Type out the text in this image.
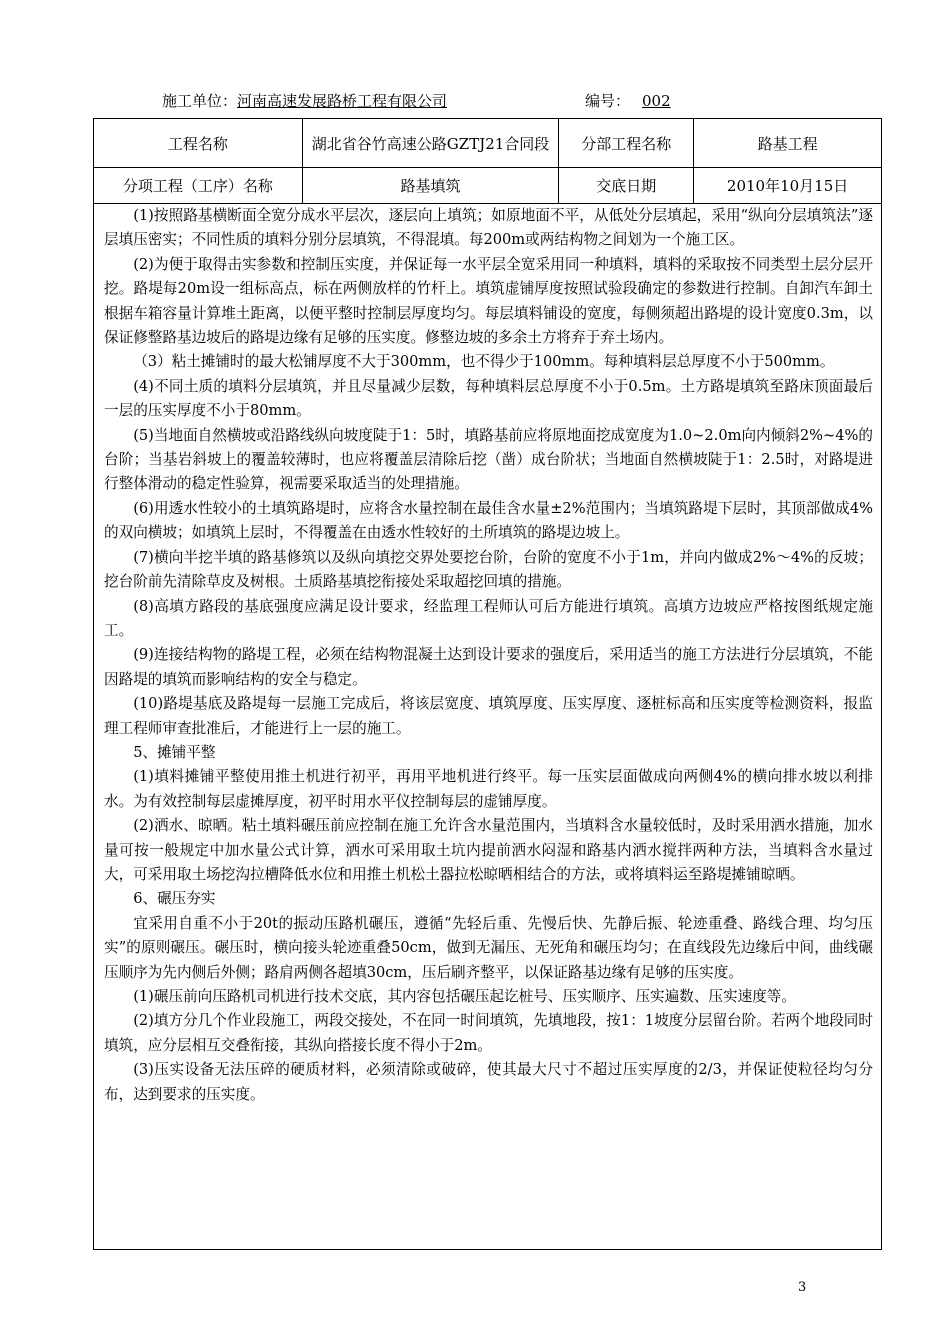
施工单位：河南高速发展路桥工程有限公司	编号： 002
工程名称	湖北省谷竹高速公路GZTJ21合同段	分部工程名称	路基工程
分项工程（工序）名称	路基填筑	交底日期	2010年10月15日

(1)按照路基横断面全宽分成水平层次，逐层向上填筑；如原地面不平，从低处分层填起，采用“纵向分层填筑法”逐层填压密实；不同性质的填料分别分层填筑，不得混填。每200m或两结构物之间划为一个施工区。

(2)为便于取得击实参数和控制压实度，并保证每一水平层全宽采用同一种填料，填料的采取按不同类型土层分层开挖。路堤每20m设一组标高点，标在两侧放样的竹杆上。填筑虚铺厚度按照试验段确定的参数进行控制。自卸汽车卸土根据车箱容量计算堆土距离，以便平整时控制层厚度均匀。每层填料铺设的宽度，每侧须超出路堤的设计宽度0.3m，以保证修整路基边坡后的路堤边缘有足够的压实度。修整边坡的多余土方将弃于弃土场内。

（3）粘土摊铺时的最大松铺厚度不大于300mm，也不得少于100mm。每种填料层总厚度不小于500mm。

(4)不同土质的填料分层填筑，并且尽量减少层数，每种填料层总厚度不小于0.5m。土方路堤填筑至路床顶面最后一层的压实厚度不小于80mm。

(5)当地面自然横坡或沿路线纵向坡度陡于1：5时，填路基前应将原地面挖成宽度为1.0~2.0m向内倾斜2%~4%的台阶；当基岩斜坡上的覆盖较薄时，也应将覆盖层清除后挖（凿）成台阶状；当地面自然横坡陡于1：2.5时，对路堤进行整体滑动的稳定性验算，视需要采取适当的处理措施。

(6)用透水性较小的土填筑路堤时，应将含水量控制在最佳含水量±2%范围内；当填筑路堤下层时，其顶部做成4%的双向横坡；如填筑上层时，不得覆盖在由透水性较好的土所填筑的路堤边坡上。

(7)横向半挖半填的路基修筑以及纵向填挖交界处要挖台阶，台阶的宽度不小于1m，并向内做成2%～4%的反坡；挖台阶前先清除草皮及树根。土质路基填挖衔接处采取超挖回填的措施。

(8)高填方路段的基底强度应满足设计要求，经监理工程师认可后方能进行填筑。高填方边坡应严格按图纸规定施工。

(9)连接结构物的路堤工程，必须在结构物混凝土达到设计要求的强度后，采用适当的施工方法进行分层填筑，不能因路堤的填筑而影响结构的安全与稳定。

(10)路堤基底及路堤每一层施工完成后，将该层宽度、填筑厚度、压实厚度、逐桩标高和压实度等检测资料，报监理工程师审查批准后，才能进行上一层的施工。

5、摊铺平整

(1)填料摊铺平整使用推土机进行初平，再用平地机进行终平。每一压实层面做成向两侧4%的横向排水坡以利排水。为有效控制每层虚摊厚度，初平时用水平仪控制每层的虚铺厚度。

(2)洒水、晾晒。粘土填料碾压前应控制在施工允许含水量范围内，当填料含水量较低时，及时采用洒水措施，加水量可按一般规定中加水量公式计算，洒水可采用取土坑内提前洒水闷湿和路基内洒水搅拌两种方法，当填料含水量过大，可采用取土场挖沟拉槽降低水位和用推土机松土器拉松晾晒相结合的方法，或将填料运至路堤摊铺晾晒。

6、碾压夯实

宜采用自重不小于20t的振动压路机碾压，遵循“先轻后重、先慢后快、先静后振、轮迹重叠、路线合理、均匀压实”的原则碾压。碾压时，横向接头轮迹重叠50cm，做到无漏压、无死角和碾压均匀；在直线段先边缘后中间，曲线碾压顺序为先内侧后外侧；路肩两侧各超填30cm，压后刷齐整平，以保证路基边缘有足够的压实度。

(1)碾压前向压路机司机进行技术交底，其内容包括碾压起讫桩号、压实顺序、压实遍数、压实速度等。

(2)填方分几个作业段施工，两段交接处，不在同一时间填筑，先填地段，按1：1坡度分层留台阶。若两个地段同时填筑，应分层相互交叠衔接，其纵向搭接长度不得小于2m。

(3)压实设备无法压碎的硬质材料，必须清除或破碎，使其最大尺寸不超过压实厚度的2/3，并保证使粒径均匀分布，达到要求的压实度。

3
